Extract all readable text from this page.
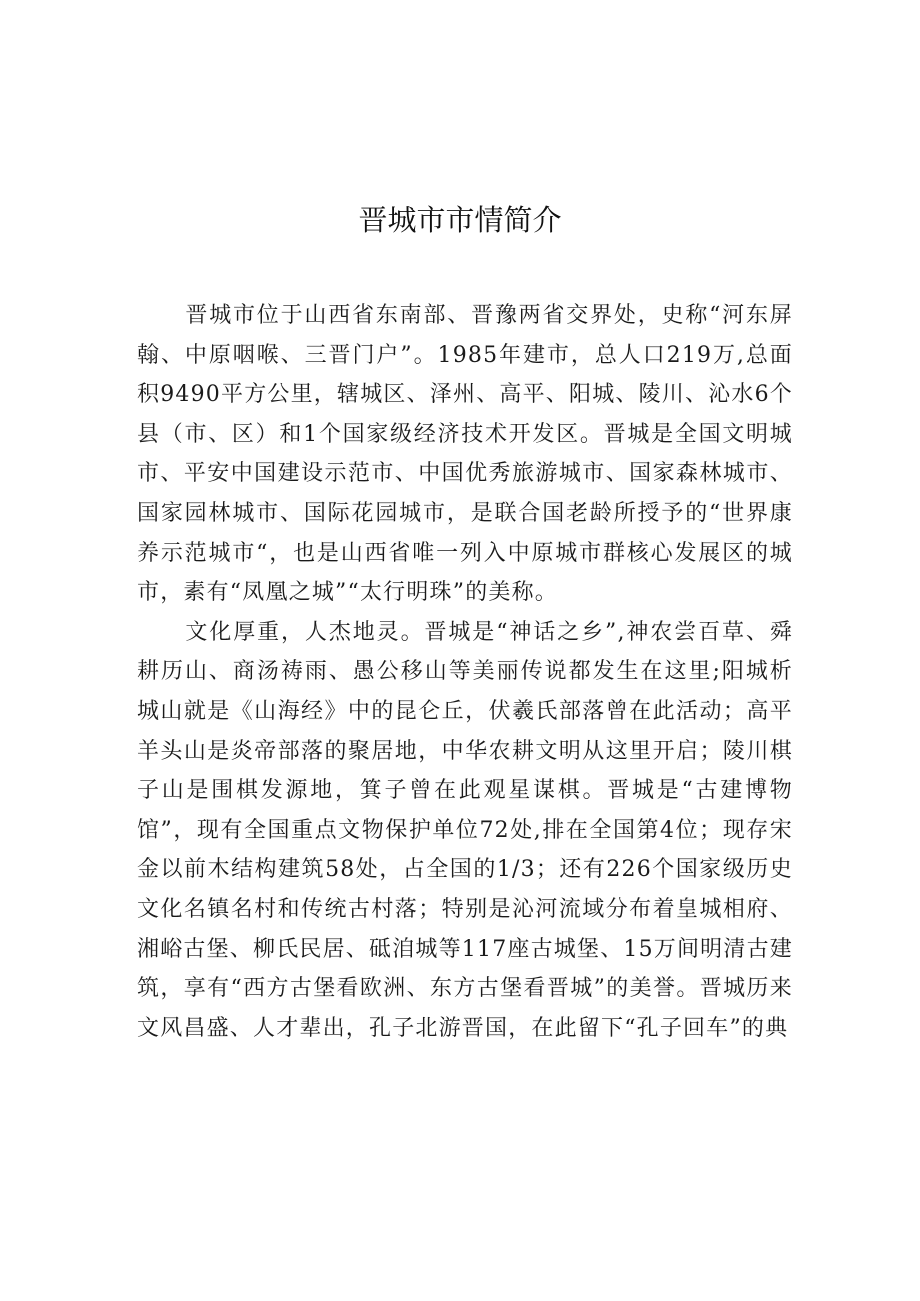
晋城市市情简介

晋城市位于山西省东南部、晋豫两省交界处，史称“河东屏翰、中原咽喉、三晋门户”。1985年建市，总人口219万,总面积9490平方公里，辖城区、泽州、高平、阳城、陵川、沁水6个县（市、区）和1个国家级经济技术开发区。晋城是全国文明城市、平安中国建设示范市、中国优秀旅游城市、国家森林城市、国家园林城市、国际花园城市，是联合国老龄所授予的“世界康养示范城市“，也是山西省唯一列入中原城市群核心发展区的城市，素有“凤凰之城”“太行明珠”的美称。

文化厚重，人杰地灵。晋城是“神话之乡”,神农尝百草、舜耕历山、商汤祷雨、愚公移山等美丽传说都发生在这里;阳城析城山就是《山海经》中的昆仑丘，伏羲氏部落曾在此活动；高平羊头山是炎帝部落的聚居地，中华农耕文明从这里开启；陵川棋子山是围棋发源地，箕子曾在此观星谋棋。晋城是“古建博物馆”，现有全国重点文物保护单位72处,排在全国第4位；现存宋金以前木结构建筑58处，占全国的1/3；还有226个国家级历史文化名镇名村和传统古村落；特别是沁河流域分布着皇城相府、湘峪古堡、柳氏民居、砥洎城等117座古城堡、15万间明清古建筑，享有“西方古堡看欧洲、东方古堡看晋城”的美誉。晋城历来文风昌盛、人才辈出，孔子北游晋国，在此留下“孔子回车”的典
